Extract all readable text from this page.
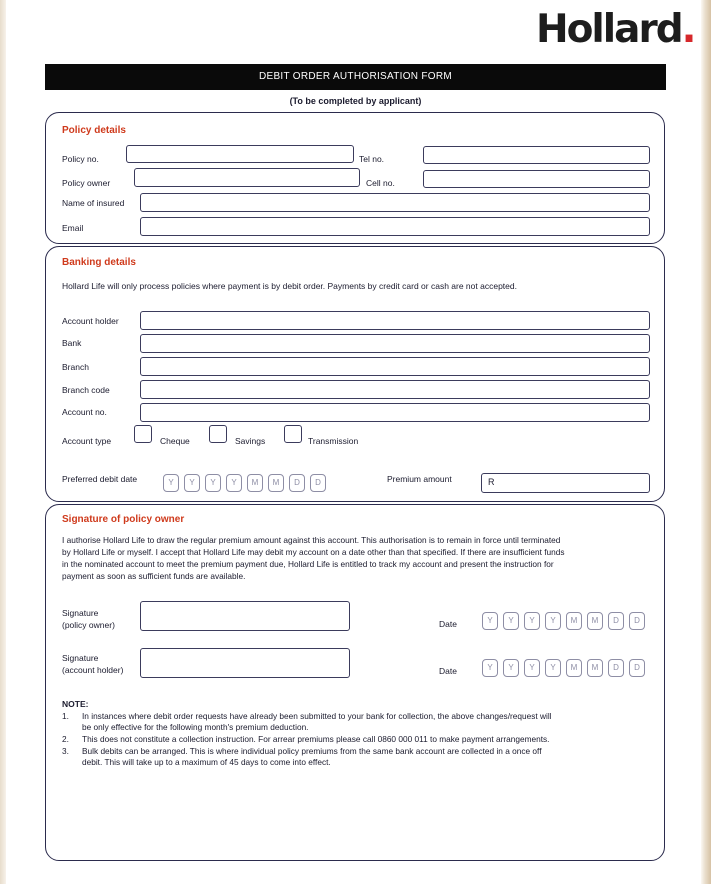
Hollard.
DEBIT ORDER AUTHORISATION FORM
(To be completed by applicant)
Policy details
Policy no.	Tel no.
Policy owner	Cell no.
Name of insured
Email
Banking details
Hollard Life will only process policies where payment is by debit order. Payments by credit card or cash are not accepted.
Account holder
Bank
Branch
Branch code
Account no.
Account type	Cheque	Savings	Transmission
Preferred debit date	Y	Y	Y	Y	M	M	D	D	Premium amount	R
Signature of policy owner
I authorise Hollard Life to draw the regular premium amount against this account. This authorisation is to remain in force until terminated
by Hollard Life or myself. I accept that Hollard Life may debit my account on a date other than that specified. If there are insufficient funds
in the nominated account to meet the premium payment due, Hollard Life is entitled to track my account and present the instruction for
payment as soon as sufficient funds are available.
Signature
(policy owner)	Date	Y	Y	Y	Y	M	M	D	D
Signature
(account holder)	Date	Y	Y	Y	Y	M	M	D	D
NOTE:
1. In instances where debit order requests have already been submitted to your bank for collection, the above changes/request will
be only effective for the following month's premium deduction.
2. This does not constitute a collection instruction. For arrear premiums please call 0860 000 011 to make payment arrangements.
3. Bulk debits can be arranged. This is where individual policy premiums from the same bank account are collected in a once off
debit. This will take up to a maximum of 45 days to come into effect.
